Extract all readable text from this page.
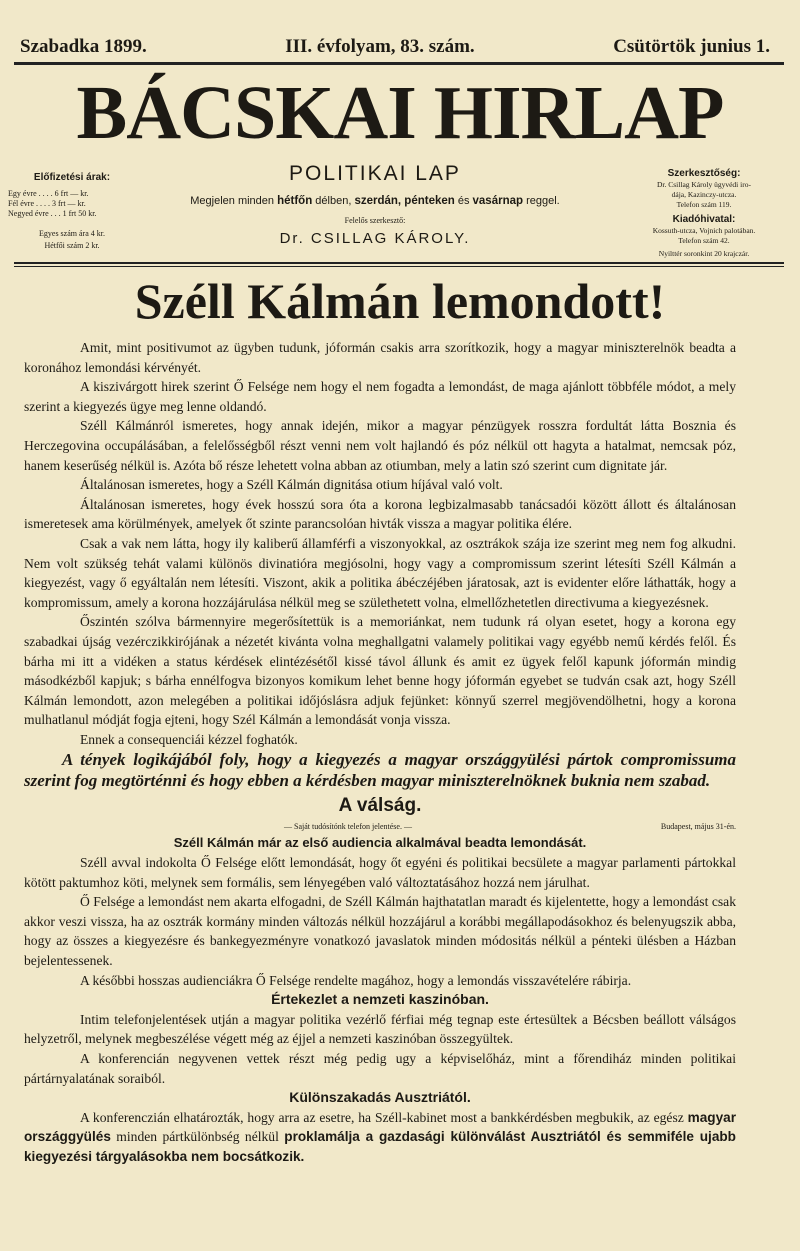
Szabadka 1899.	III. évfolyam, 83. szám.	Csütörtök junius 1.
BÁCSKAI HIRLAP
Előfizetési árak:
Egy évre . . . . 6 frt — kr.
Fél évre . . . . 3 frt — kr.
Negyed évre . . . 1 frt 50 kr.
Egyes szám ára 4 kr.
Hétfői szám 2 kr.
POLITIKAI LAP
Megjelen minden hétfőn délben, szerdán, pénteken és vasárnap reggel.
Felelős szerkesztő:
Dr. CSILLAG KÁROLY.
Szerkesztőség:
Dr. Csillag Károly ügyvédi iro-
dája, Kazinczy-utcza.
Telefon szám 119.
Kiadóhivatal:
Kossuth-utcza, Vojnich palotában.
Telefon szám 42.
Nyilttér soronkint 20 krajczár.
Széll Kálmán lemondott!

Amit, mint positivumot az ügyben tudunk, jóformán csakis arra szorítkozik, hogy a magyar miniszterelnök beadta a koronához lemondási kérvényét.

A kiszivárgott hirek szerint Ő Felsége nem hogy el nem fogadta a lemondást, de maga ajánlott többféle módot, a mely szerint a kiegyezés ügye meg lenne oldandó.

Széll Kálmánról ismeretes, hogy annak idején, mikor a magyar pénzügyek rosszra fordultát látta Bosznia és Herczegovina occupálásában, a felelősségből részt venni nem volt hajlandó és póz nélkül ott hagyta a hatalmat, nemcsak póz, hanem keserűség nélkül is. Azóta bő része lehetett volna abban az otiumban, mely a latin szó szerint cum dignitate jár.

Általánosan ismeretes, hogy a Széll Kálmán dignitása otium híjával való volt.

Általánosan ismeretes, hogy évek hosszú sora óta a korona legbizalmasabb tanácsadói között állott és általánosan ismeretesek ama körülmények, amelyek őt szinte parancsolóan hivták vissza a magyar politika élére.

Csak a vak nem látta, hogy ily kaliberű államférfi a viszonyokkal, az osztrákok szája ize szerint meg nem fog alkudni. Nem volt szükség tehát valami különös divinatióra megjósolni, hogy vagy a compromissum szerint létesíti Széll Kálmán a kiegyezést, vagy ő egyáltalán nem létesíti. Viszont, akik a politika ábéczéjében járatosak, azt is evidenter előre láthatták, hogy a kompromissum, amely a korona hozzájárulása nélkül meg se születhetett volna, elmellőzhetetlen directivuma a kiegyezésnek.

Őszintén szólva bármennyire megerősítettük is a memoriánkat, nem tudunk rá olyan esetet, hogy a korona egy szabadkai újság vezérczikkirójának a nézetét kivánta volna meghallgatni valamely politikai vagy egyébb nemű kérdés felől. És bárha mi itt a vidéken a status kérdések elintézésétől kissé távol állunk és amit ez ügyek felől kapunk jóformán mindig másodkézből kapjuk; s bárha ennélfogva bizonyos komikum lehet benne hogy jóformán egyebet se tudván csak azt, hogy Széll Kálmán lemondott, azon melegében a politikai időjóslásra adjuk fejünket: könnyű szerrel megjövendölhetni, hogy a korona mulhatlanul módját fogja ejteni, hogy Szél Kálmán a lemondását vonja vissza.

Ennek a consequenciái kézzel foghatók.

A tények logikájából foly, hogy a kiegyezés a magyar országgyülési pártok compromissuma szerint fog megtörténni és hogy ebben a kérdésben magyar miniszterelnöknek buknia nem szabad.

A válság.

— Saját tudósítónk telefon jelentése. —	Budapest, május 31-én.

Széll Kálmán már az első audiencia alkalmával beadta lemondását.

Széll avval indokolta Ő Felsége előtt lemondását, hogy őt egyéni és politikai becsülete a magyar parlamenti pártokkal kötött paktumhoz köti, melynek sem formális, sem lényegében való változtatásához hozzá nem járulhat.

Ő Felsége a lemondást nem akarta elfogadni, de Széll Kálmán hajthatatlan maradt és kijelentette, hogy a lemondást csak akkor veszi vissza, ha az osztrák kormány minden változás nélkül hozzájárul a korábbi megállapodásokhoz és belenyugszik abba, hogy az összes a kiegyezésre és bankegyezményre vonatkozó javaslatok minden módositás nélkül a pénteki ülésben a Házban bejelentessenek.

A későbbi hosszas audienciákra Ő Felsége rendelte magához, hogy a lemondás visszavételére rábirja.

Értekezlet a nemzeti kaszinóban.

Intim telefonjelentések utján a magyar politika vezérlő férfiai még tegnap este értesültek a Bécsben beállott válságos helyzetről, melynek megbeszélése végett még az éjjel a nemzeti kaszinóban összegyültek.

A konferencián negyvenen vettek részt még pedig ugy a képviselőház, mint a főrendiház minden politikai pártárnyalatának soraiból.

Különszakadás Ausztriától.

A konferenczián elhatározták, hogy arra az esetre, ha Széll-kabinet most a bankkérdésben megbukik, az egész magyar országgyülés minden pártkülönbség nélkül proklamálja a gazdasági különválást Ausztriától és semmiféle ujabb kiegyezési tárgyalásokba nem bocsátkozik.
